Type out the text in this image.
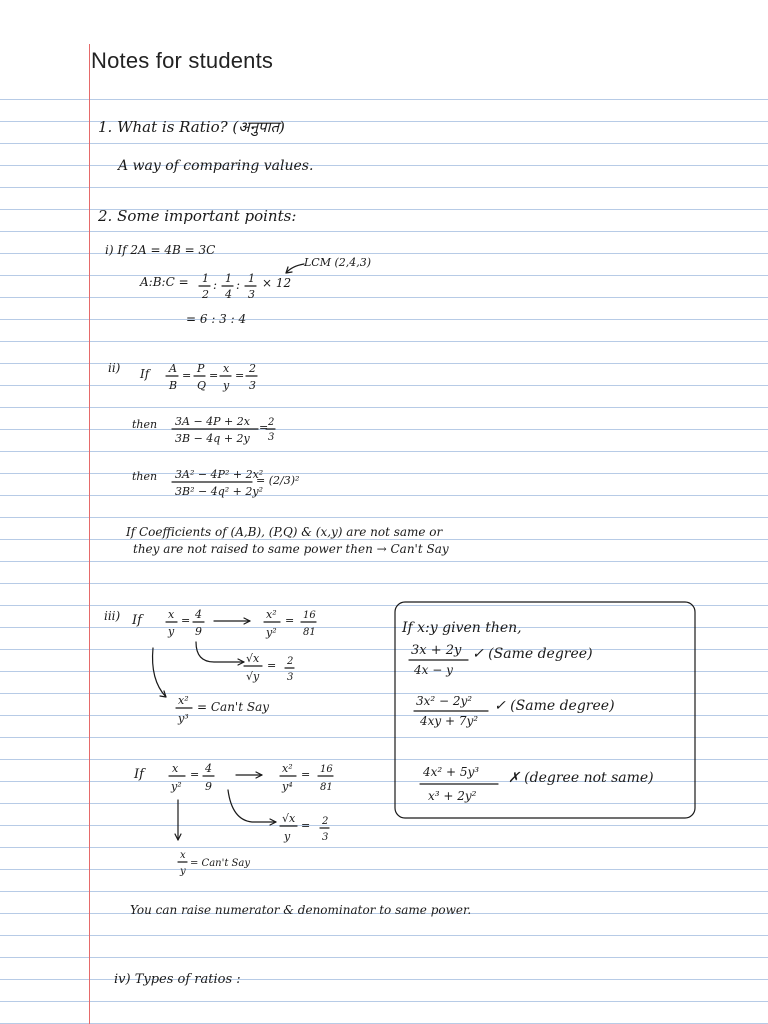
Notes for students
1. What is Ratio? (अनुपात)
A way of comparing values.
2. Some important points:
i) If 2A = 4B = 3C
LCM (2,4,3)
A:B:C = 1
2
: 1
4
: 1
3
× 12
= 6 : 3 : 4
ii) If A
B
=
P
Q
=
x
y
=
2
3
then 3A − 4P + 2x
3B − 4q + 2y
= 2
3
then 3A² − 4P² + 2x²
3B² − 4q² + 2y²
= (2/3)²
If Coefficients of (A,B), (P,Q) & (x,y) are not same or
they are not raised to same power then → Can't Say
iii) If x
y
= 4
9
x²
y²
= 16
81
√x
√y
= 2
3
x²
y³
= Can't Say
If	x
y²
= 4
9
x²
y⁴
= 16
81
√x
y
= 2
3
x
y
= Can't Say
If x:y given then,
3x + 2y
4x − y
✓ (Same degree)
3x² − 2y²
4xy + 7y²
✓ (Same degree)
4x² + 5y³
x³ + 2y²
✗ (degree not same)
You can raise numerator & denominator to same power.
iv) Types of ratios :
